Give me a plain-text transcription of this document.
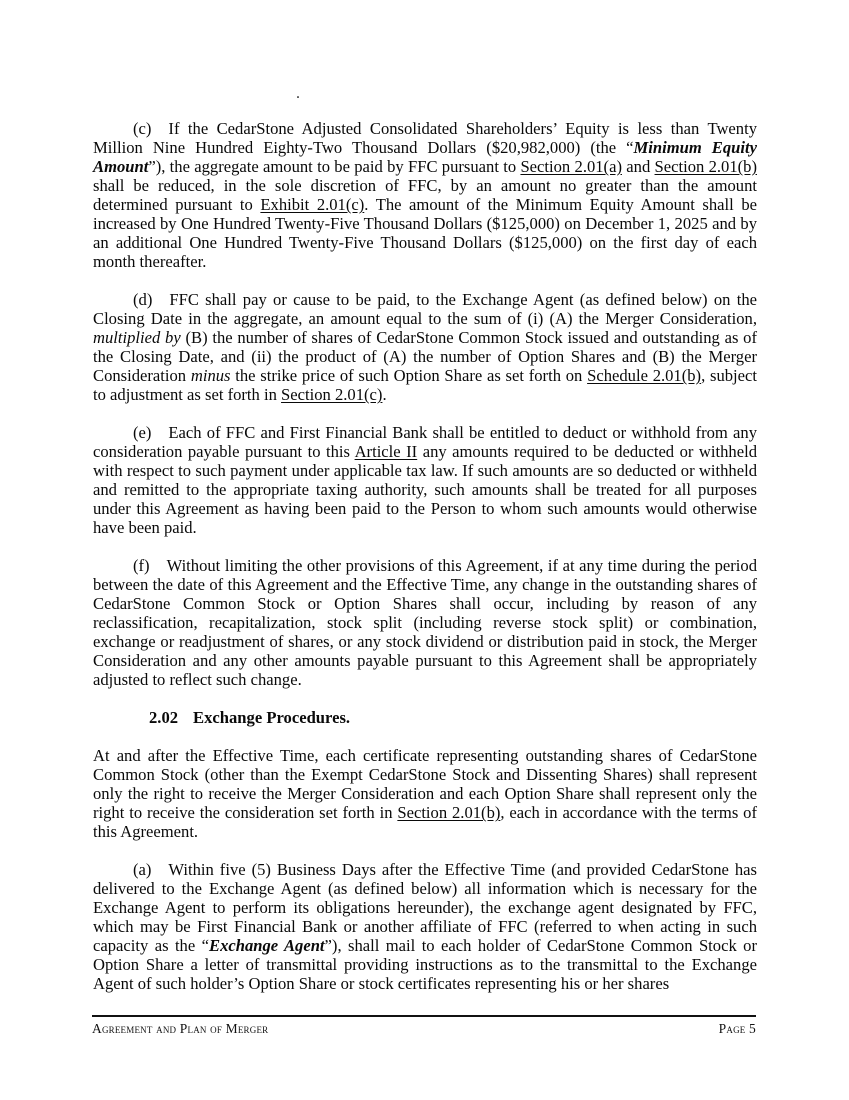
.

(c) If the CedarStone Adjusted Consolidated Shareholders’ Equity is less than Twenty Million Nine Hundred Eighty-Two Thousand Dollars ($20,982,000) (the “Minimum Equity Amount”), the aggregate amount to be paid by FFC pursuant to Section 2.01(a) and Section 2.01(b) shall be reduced, in the sole discretion of FFC, by an amount no greater than the amount determined pursuant to Exhibit 2.01(c). The amount of the Minimum Equity Amount shall be increased by One Hundred Twenty-Five Thousand Dollars ($125,000) on December 1, 2025 and by an additional One Hundred Twenty-Five Thousand Dollars ($125,000) on the first day of each month thereafter.

(d) FFC shall pay or cause to be paid, to the Exchange Agent (as defined below) on the Closing Date in the aggregate, an amount equal to the sum of (i) (A) the Merger Consideration, multiplied by (B) the number of shares of CedarStone Common Stock issued and outstanding as of the Closing Date, and (ii) the product of (A) the number of Option Shares and (B) the Merger Consideration minus the strike price of such Option Share as set forth on Schedule 2.01(b), subject to adjustment as set forth in Section 2.01(c).

(e) Each of FFC and First Financial Bank shall be entitled to deduct or withhold from any consideration payable pursuant to this Article II any amounts required to be deducted or withheld with respect to such payment under applicable tax law. If such amounts are so deducted or withheld and remitted to the appropriate taxing authority, such amounts shall be treated for all purposes under this Agreement as having been paid to the Person to whom such amounts would otherwise have been paid.

(f) Without limiting the other provisions of this Agreement, if at any time during the period between the date of this Agreement and the Effective Time, any change in the outstanding shares of CedarStone Common Stock or Option Shares shall occur, including by reason of any reclassification, recapitalization, stock split (including reverse stock split) or combination, exchange or readjustment of shares, or any stock dividend or distribution paid in stock, the Merger Consideration and any other amounts payable pursuant to this Agreement shall be appropriately adjusted to reflect such change.

2.02 Exchange Procedures.

At and after the Effective Time, each certificate representing outstanding shares of CedarStone Common Stock (other than the Exempt CedarStone Stock and Dissenting Shares) shall represent only the right to receive the Merger Consideration and each Option Share shall represent only the right to receive the consideration set forth in Section 2.01(b), each in accordance with the terms of this Agreement.

(a) Within five (5) Business Days after the Effective Time (and provided CedarStone has delivered to the Exchange Agent (as defined below) all information which is necessary for the Exchange Agent to perform its obligations hereunder), the exchange agent designated by FFC, which may be First Financial Bank or another affiliate of FFC (referred to when acting in such capacity as the “Exchange Agent”), shall mail to each holder of CedarStone Common Stock or Option Share a letter of transmittal providing instructions as to the transmittal to the Exchange Agent of such holder’s Option Share or stock certificates representing his or her shares

Agreement and Plan of Merger	Page 5
